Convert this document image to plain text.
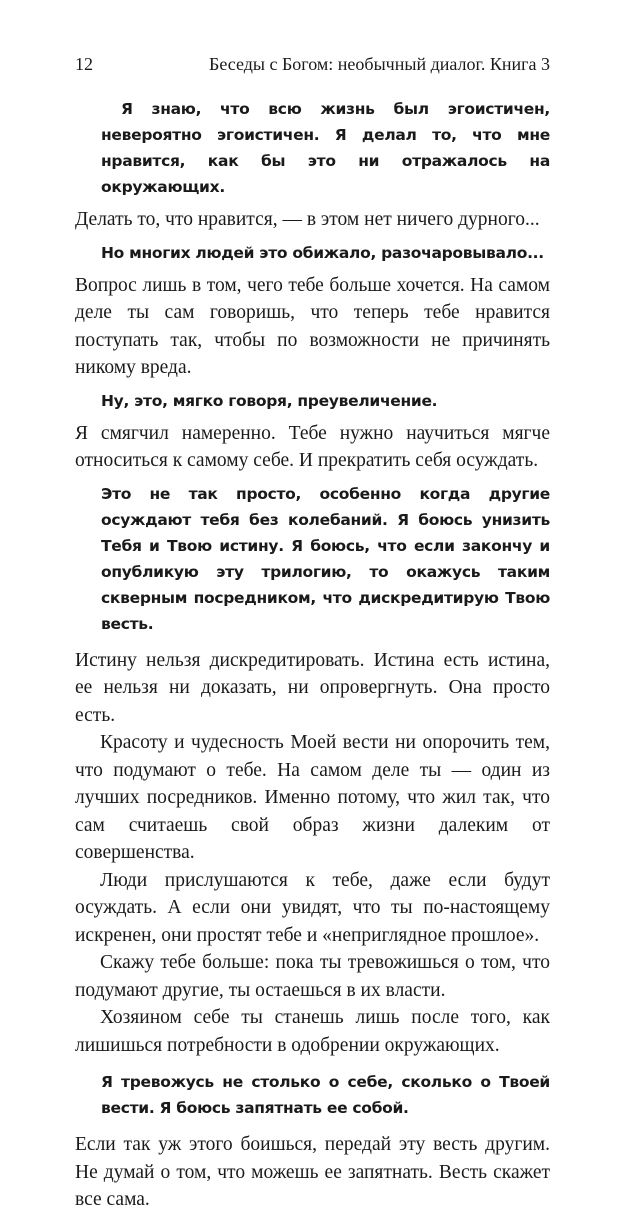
12	Беседы с Богом: необычный диалог. Книга 3

Я знаю, что всю жизнь был эгоистичен, невероятно эгоистичен. Я делал то, что мне нравится, как бы это ни отражалось на окружающих.

Делать то, что нравится, — в этом нет ничего дурного...

Но многих людей это обижало, разочаровывало...

Вопрос лишь в том, чего тебе больше хочется. На самом деле ты сам говоришь, что теперь тебе нравится поступать так, чтобы по возможности не причинять никому вреда.

Ну, это, мягко говоря, преувеличение.

Я смягчил намеренно. Тебе нужно научиться мягче относиться к самому себе. И прекратить себя осуждать.

Это не так просто, особенно когда другие осуждают тебя без колебаний. Я боюсь унизить Тебя и Твою истину. Я боюсь, что если закончу и опубликую эту трилогию, то окажусь таким скверным посредником, что дискредитирую Твою весть.

Истину нельзя дискредитировать. Истина есть истина, ее нельзя ни доказать, ни опровергнуть. Она просто есть.

Красоту и чудесность Моей вести ни опорочить тем, что подумают о тебе. На самом деле ты — один из лучших посредников. Именно потому, что жил так, что сам считаешь свой образ жизни далеким от совершенства.

Люди прислушаются к тебе, даже если будут осуждать. А если они увидят, что ты по-настоящему искренен, они простят тебе и «неприглядное прошлое».

Скажу тебе больше: пока ты тревожишься о том, что подумают другие, ты остаешься в их власти.

Хозяином себе ты станешь лишь после того, как лишишься потребности в одобрении окружающих.

Я тревожусь не столько о себе, сколько о Твоей вести. Я боюсь запятнать ее собой.

Если так уж этого боишься, передай эту весть другим. Не думай о том, что можешь ее запятнать. Весть скажет все сама.
